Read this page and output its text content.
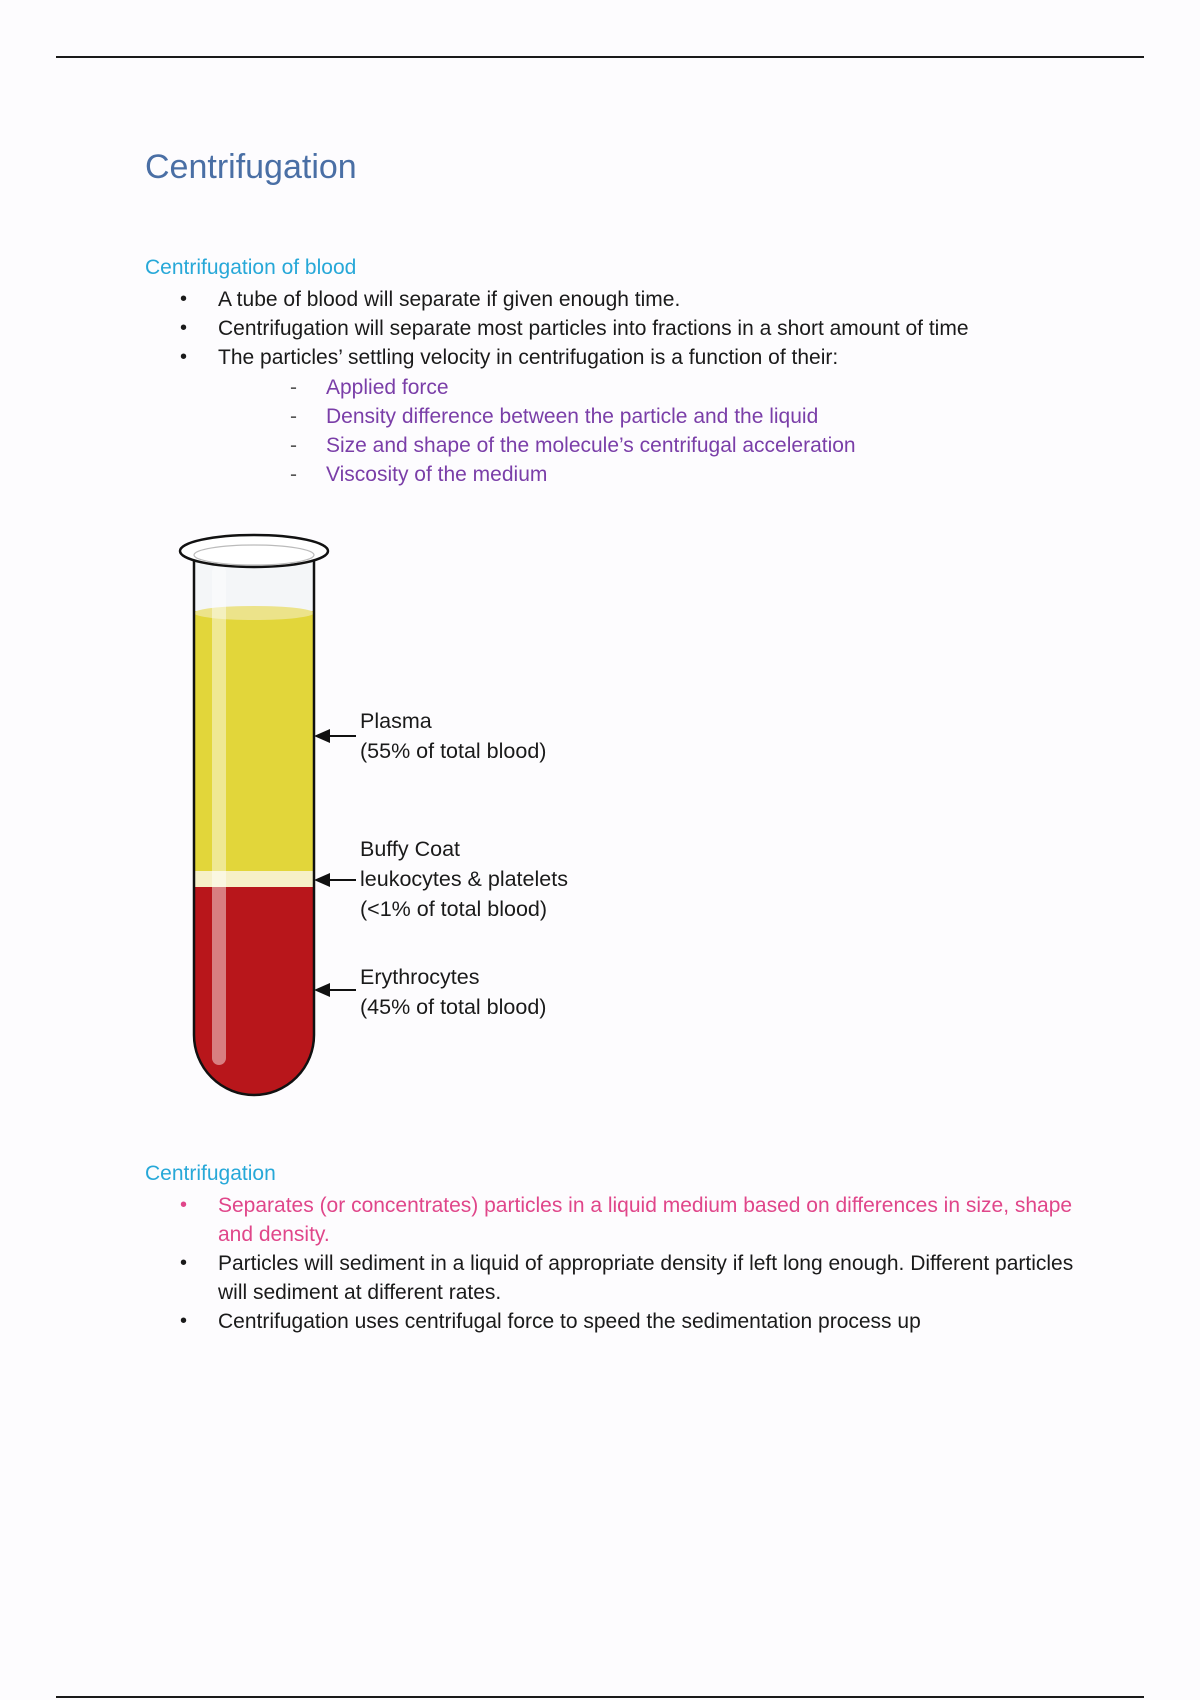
Centrifugation
Centrifugation of blood
• A tube of blood will separate if given enough time.
• Centrifugation will separate most particles into fractions in a short amount of time
• The particles’ settling velocity in centrifugation is a function of their:
- Applied force
- Density difference between the particle and the liquid
- Size and shape of the molecule’s centrifugal acceleration
- Viscosity of the medium

Plasma
(55% of total blood)

Buffy Coat
leukocytes & platelets
(<1% of total blood)

Erythrocytes
(45% of total blood)

Centrifugation
• Separates (or concentrates) particles in a liquid medium based on differences in size, shape and density.
• Particles will sediment in a liquid of appropriate density if left long enough. Different particles will sediment at different rates.
• Centrifugation uses centrifugal force to speed the sedimentation process up
